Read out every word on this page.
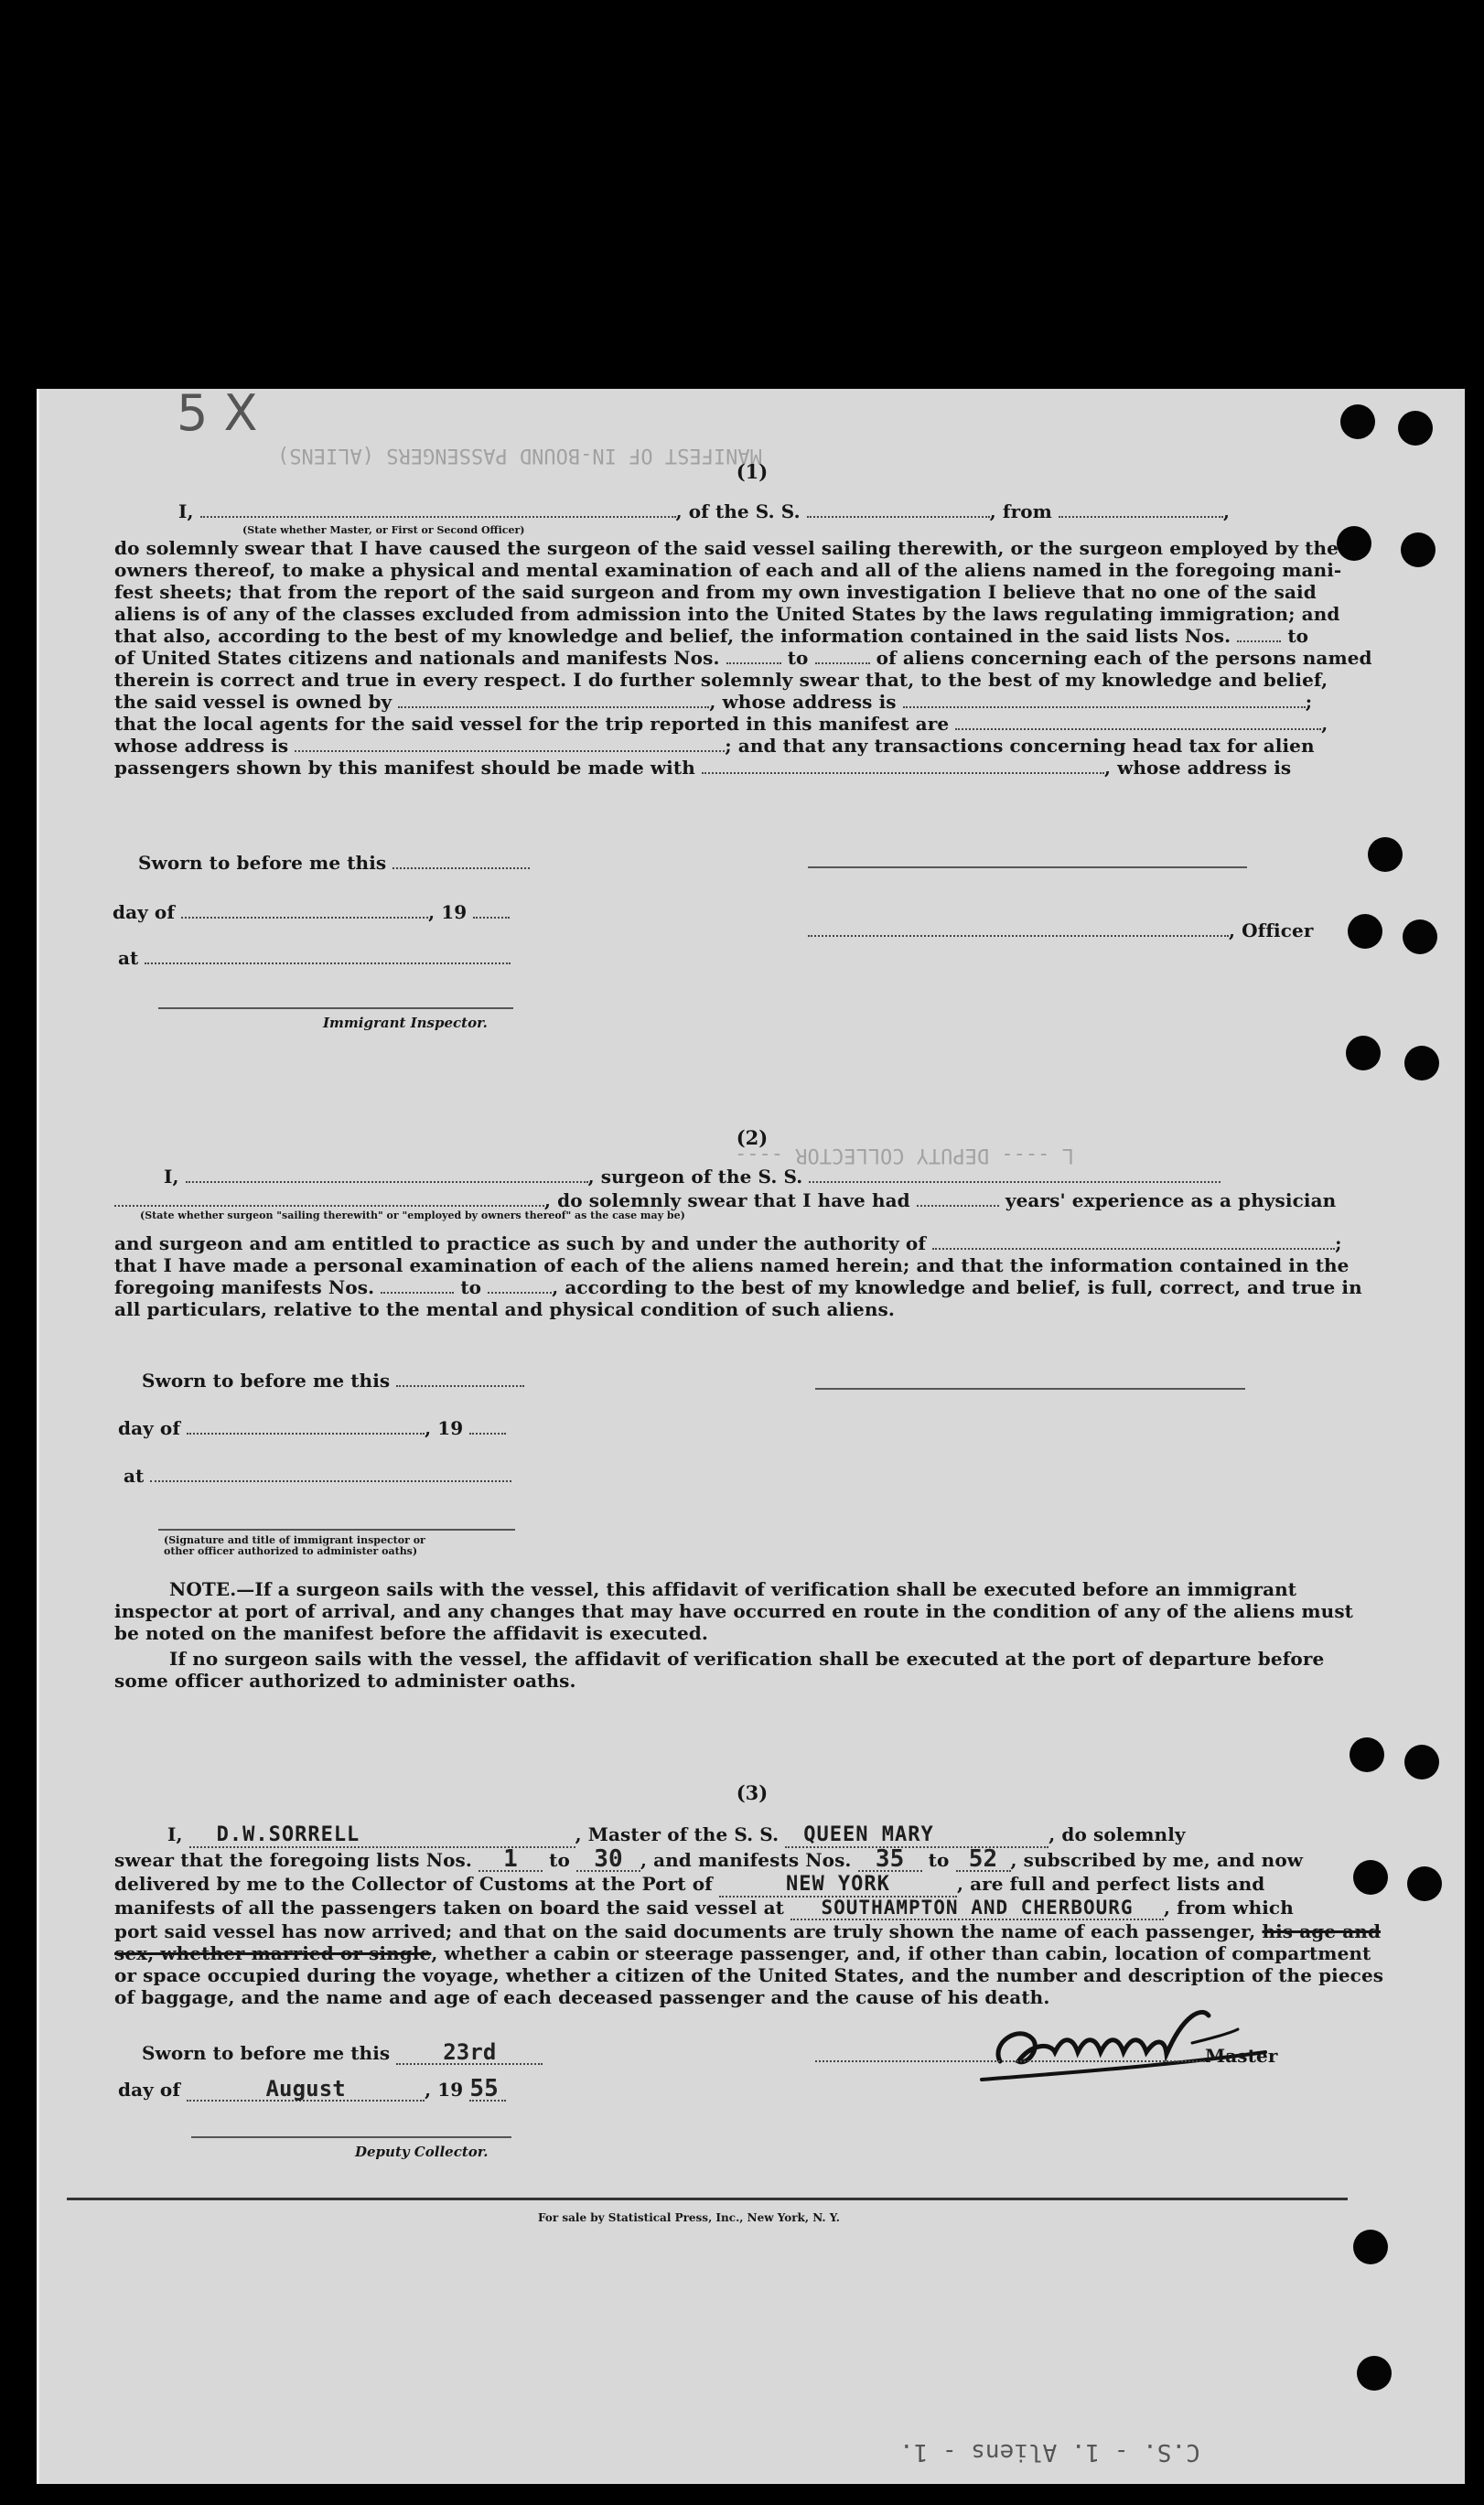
MANIFEST OF IN-BOUND PASSENGERS (ALIENS)
L ---- DEPUTY COLLECTOR ----
5 X
C.S. - 1. Aliens - 1.
(1)
I,	, of the S. S.	, from	,
(State whether Master, or First or Second Officer)
do solemnly swear that I have caused the surgeon of the said vessel sailing therewith, or the surgeon employed by the
owners thereof, to make a physical and mental examination of each and all of the aliens named in the foregoing mani-
fest sheets; that from the report of the said surgeon and from my own investigation I believe that no one of the said
aliens is of any of the classes excluded from admission into the United States by the laws regulating immigration; and
that also, according to the best of my knowledge and belief, the information contained in the said lists Nos.	to
of United States citizens and nationals and manifests Nos.	to	of aliens concerning each of the persons named
therein is correct and true in every respect. I do further solemnly swear that, to the best of my knowledge and belief,
the said vessel is owned by	, whose address is	;
that the local agents for the said vessel for the trip reported in this manifest are	,
whose address is	; and that any transactions concerning head tax for alien
passengers shown by this manifest should be made with	, whose address is
Sworn to before me this
day of	, 19
at
Immigrant Inspector.
, Officer
(2)
I,	, surgeon of the S. S.
, do solemnly swear that I have had	years' experience as a physician
(State whether surgeon "sailing therewith" or "employed by owners thereof" as the case may be)
and surgeon and am entitled to practice as such by and under the authority of	;
that I have made a personal examination of each of the aliens named herein; and that the information contained in the
foregoing manifests Nos.	to	, according to the best of my knowledge and belief, is full, correct, and true in
all particulars, relative to the mental and physical condition of such aliens.
Sworn to before me this
day of	, 19
at
(Signature and title of immigrant inspector or
other officer authorized to administer oaths)
NOTE.—If a surgeon sails with the vessel, this affidavit of verification shall be executed before an immigrant
inspector at port of arrival, and any changes that may have occurred en route in the condition of any of the aliens must
be noted on the manifest before the affidavit is executed.
If no surgeon sails with the vessel, the affidavit of verification shall be executed at the port of departure before
some officer authorized to administer oaths.
(3)
I, D.W.SORRELL	, Master of the S. S. QUEEN MARY	, do solemnly
swear that the foregoing lists Nos. 1 to 30 , and manifests Nos. 35 to 52 , subscribed by me, and now
delivered by me to the Collector of Customs at the Port of	NEW YORK	, are full and perfect lists and
manifests of all the passengers taken on board the said vessel at SOUTHAMPTON AND CHERBOURG , from which
port said vessel has now arrived; and that on the said documents are truly shown the name of each passenger, his age and
sex, whether married or single, whether a cabin or steerage passenger, and, if other than cabin, location of compartment
or space occupied during the voyage, whether a citizen of the United States, and the number and description of the pieces
of baggage, and the name and age of each deceased passenger and the cause of his death.
Sworn to before me this 23rd
day of	August	, 19 55
Deputy Collector.
Master
For sale by Statistical Press, Inc., New York, N. Y.
